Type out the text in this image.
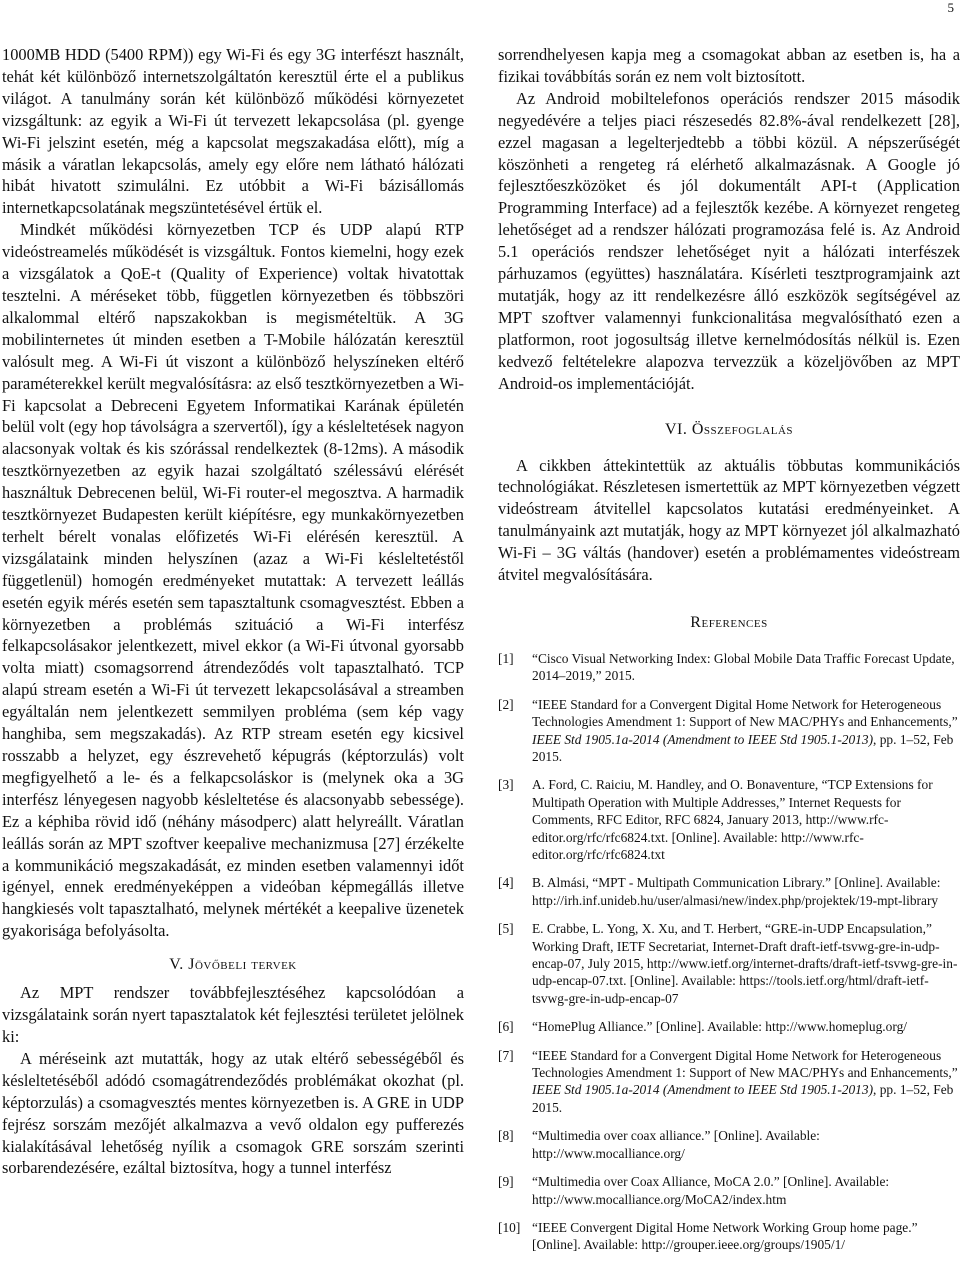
5

1000MB HDD (5400 RPM)) egy Wi-Fi és egy 3G interfészt használt, tehát két különböző internetszolgáltatón keresztül érte el a publikus világot. A tanulmány során két különböző működési környezetet vizsgáltunk: az egyik a Wi-Fi út tervezett lekapcsolása (pl. gyenge Wi-Fi jelszint esetén, még a kapcsolat megszakadása előtt), míg a másik a váratlan lekapcsolás, amely egy előre nem látható hálózati hibát hivatott szimulálni. Ez utóbbit a Wi-Fi bázisállomás internetkapcsolatának megszüntetésével értük el.

Mindkét működési környezetben TCP és UDP alapú RTP videóstreamelés működését is vizsgáltuk. Fontos kiemelni, hogy ezek a vizsgálatok a QoE-t (Quality of Experience) voltak hivatottak tesztelni. A méréseket több, független környezetben és többszöri alkalommal eltérő napszakokban is megismételtük. A 3G mobilinternetes út minden esetben a T-Mobile hálózatán keresztül valósult meg. A Wi-Fi út viszont a különböző helyszíneken eltérő paraméterekkel került megvalósításra: az első tesztkörnyezetben a Wi-Fi kapcsolat a Debreceni Egyetem Informatikai Karának épületén belül volt (egy hop távolságra a szervertől), így a késleltetések nagyon alacsonyak voltak és kis szórással rendelkeztek (8-12ms). A második tesztkörnyezetben az egyik hazai szolgáltató szélessávú elérését használtuk Debrecenen belül, Wi-Fi router-el megosztva. A harmadik tesztkörnyezet Budapesten került kiépítésre, egy munkakörnyezetben terhelt bérelt vonalas előfizetés Wi-Fi elérésén keresztül. A vizsgálataink minden helyszínen (azaz a Wi-Fi késleltetéstől függetlenül) homogén eredményeket mutattak: A tervezett leállás esetén egyik mérés esetén sem tapasztaltunk csomagvesztést. Ebben a környezetben a problémás szituáció a Wi-Fi interfész felkapcsolásakor jelentkezett, mivel ekkor (a Wi-Fi útvonal gyorsabb volta miatt) csomagsorrend átrendeződés volt tapasztalható. TCP alapú stream esetén a Wi-Fi út tervezett lekapcsolásával a streamben egyáltalán nem jelentkezett semmilyen probléma (sem kép vagy hanghiba, sem megszakadás). Az RTP stream esetén egy kicsivel rosszabb a helyzet, egy észrevehető képugrás (képtorzulás) volt megfigyelhető a le- és a felkapcsoláskor is (melynek oka a 3G interfész lényegesen nagyobb késleltetése és alacsonyabb sebessége). Ez a képhiba rövid idő (néhány másodperc) alatt helyreállt. Váratlan leállás során az MPT szoftver keepalive mechanizmusa [27] érzékelte a kommunikáció megszakadását, ez minden esetben valamennyi időt igényel, ennek eredményeképpen a videóban képmegállás illetve hangkiesés volt tapasztalható, melynek mértékét a keepalive üzenetek gyakorisága befolyásolta.

V. Jövőbeli tervek

Az MPT rendszer továbbfejlesztéséhez kapcsolódóan a vizsgálataink során nyert tapasztalatok két fejlesztési területet jelölnek ki:

A méréseink azt mutatták, hogy az utak eltérő sebességéből és késleltetéséből adódó csomagátrendeződés problémákat okozhat (pl. képtorzulás) a csomagvesztés mentes környezetben is. A GRE in UDP fejrész sorszám mezőjét alkalmazva a vevő oldalon egy pufferezés kialakításával lehetőség nyílik a csomagok GRE sorszám szerinti sorbarendezésére, ezáltal biztosítva, hogy a tunnel interfész

sorrendhelyesen kapja meg a csomagokat abban az esetben is, ha a fizikai továbbítás során ez nem volt biztosított.

Az Android mobiltelefonos operációs rendszer 2015 második negyedévére a teljes piaci részesedés 82.8%-ával rendelkezett [28], ezzel magasan a legelterjedtebb a többi közül. A népszerűségét köszönheti a rengeteg rá elérhető alkalmazásnak. A Google jó fejlesztőeszközöket és jól dokumentált API-t (Application Programming Interface) ad a fejlesztők kezébe. A környezet rengeteg lehetőséget ad a rendszer hálózati programozása felé is. Az Android 5.1 operációs rendszer lehetőséget nyit a hálózati interfészek párhuzamos (együttes) használatára. Kísérleti tesztprogramjaink azt mutatják, hogy az itt rendelkezésre álló eszközök segítségével az MPT szoftver valamennyi funkcionalitása megvalósítható ezen a platformon, root jogosultság illetve kernelmódosítás nélkül is. Ezen kedvező feltételekre alapozva tervezzük a közeljövőben az MPT Android-os implementációját.

VI. Összefoglalás

A cikkben áttekintettük az aktuális többutas kommunikációs technológiákat. Részletesen ismertettük az MPT környezetben végzett videóstream átvitellel kapcsolatos kutatási eredményeinket. A tanulmányaink azt mutatják, hogy az MPT környezet jól alkalmazható Wi-Fi – 3G váltás (handover) esetén a problémamentes videóstream átvitel megvalósítására.

References
[1]	“Cisco Visual Networking Index: Global Mobile Data Traffic Forecast Update, 2014–2019,” 2015.
[2]	“IEEE Standard for a Convergent Digital Home Network for Heterogeneous Technologies Amendment 1: Support of New MAC/PHYs and Enhancements,” IEEE Std 1905.1a-2014 (Amendment to IEEE Std 1905.1-2013), pp. 1–52, Feb 2015.
[3]	A. Ford, C. Raiciu, M. Handley, and O. Bonaventure, “TCP Extensions for Multipath Operation with Multiple Addresses,” Internet Requests for Comments, RFC Editor, RFC 6824, January 2013, http://www.rfc-editor.org/rfc/rfc6824.txt. [Online]. Available: http://www.rfc-editor.org/rfc/rfc6824.txt
[4]	B. Almási, “MPT - Multipath Communication Library.” [Online]. Available: http://irh.inf.unideb.hu/user/almasi/new/index.php/projektek/19-mpt-library
[5]	E. Crabbe, L. Yong, X. Xu, and T. Herbert, “GRE-in-UDP Encapsulation,” Working Draft, IETF Secretariat, Internet-Draft draft-ietf-tsvwg-gre-in-udp-encap-07, July 2015, http://www.ietf.org/internet-drafts/draft-ietf-tsvwg-gre-in-udp-encap-07.txt. [Online]. Available: https://tools.ietf.org/html/draft-ietf-tsvwg-gre-in-udp-encap-07
[6]	“HomePlug Alliance.” [Online]. Available: http://www.homeplug.org/
[7]	“IEEE Standard for a Convergent Digital Home Network for Heterogeneous Technologies Amendment 1: Support of New MAC/PHYs and Enhancements,” IEEE Std 1905.1a-2014 (Amendment to IEEE Std 1905.1-2013), pp. 1–52, Feb 2015.
[8]	“Multimedia over coax alliance.” [Online]. Available: http://www.mocalliance.org/
[9]	“Multimedia over Coax Alliance, MoCA 2.0.” [Online]. Available: http://www.mocalliance.org/MoCA2/index.htm
[10] “IEEE Convergent Digital Home Network Working Group home page.” [Online]. Available: http://grouper.ieee.org/groups/1905/1/
